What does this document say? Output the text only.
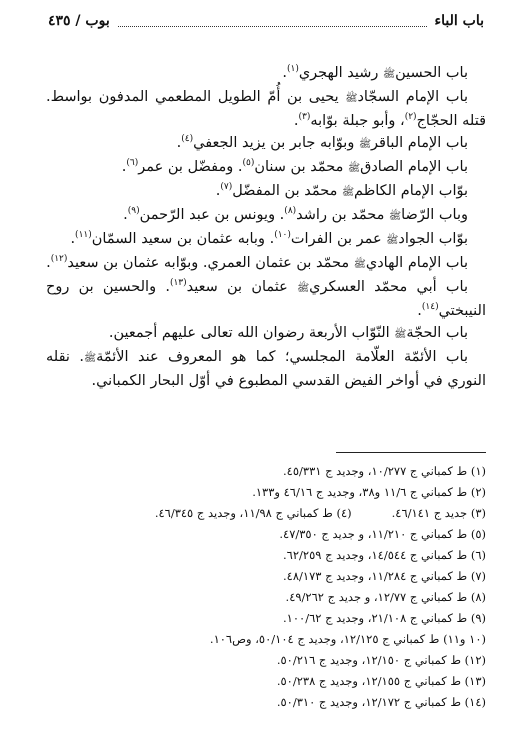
باب الباء
بوب / ٤٣٥
باب الحسينﷺ رشيد الهجري$^{(١)}$.
باب الإمام السجّادﷺ يحيى بن أُمّ الطويل المطعمي المدفون بواسط. قتله الحجّاج$^{(٢)}$، وأبو جبلة بوّابه$^{(٣)}$.
باب الإمام الباقرﷺ وبوّابه جابر بن يزيد الجعفي$^{(٤)}$.
باب الإمام الصادقﷺ محمّد بن سنان$^{(٥)}$. ومفضّل بن عمر$^{(٦)}$.
بوّاب الإمام الكاظمﷺ محمّد بن المفضّل$^{(٧)}$.
وباب الرّضاﷺ محمّد بن راشد$^{(٨)}$. ويونس بن عبد الرّحمن$^{(٩)}$.
بوّاب الجوادﷺ عمر بن الفرات$^{(١٠)}$. وبابه عثمان بن سعيد السمّان$^{(١١)}$.
باب الإمام الهاديﷺ محمّد بن عثمان العمري. وبوّابه عثمان بن سعيد$^{(١٢)}$.
باب أبي محمّد العسكريﷺ عثمان بن سعيد$^{(١٣)}$. والحسين بن روح النيبختي$^{(١٤)}$.
باب الحجّةﷺ النّوّاب الأربعة رضوان الله تعالى عليهم أجمعين.
باب الأئمّة العلّامة المجلسي؛ كما هو المعروف عند الأئمّةﷺ. نقله النوري في أواخر الفيض القدسي المطبوع في أوّل البحار الكمباني.
(١) ط كمباني ج ١٠/٢٧٧، وجديد ج ٤٥/٣٣١.
(٢) ط كمباني ج ١١/٦ و٣٨، وجديد ج ٤٦/١٦ و١٣٣.
(٣) جديد ج ٤٦/١٤١.
(٤) ط كمباني ج ١١/٩٨، وجديد ج ٤٦/٣٤٥.
(٥) ط كمباني ج ١١/٢١٠، و جديد ج ٤٧/٣٥٠.
(٦) ط كمباني ج ١٤/٥٤٤، وجديد ج ٦٢/٢٥٩.
(٧) ط كمباني ج ١١/٢٨٤، وجديد ج ٤٨/١٧٣.
(٨) ط كمباني ج ١٢/٧٧، و جديد ج ٤٩/٢٦٢.
(٩) ط كمباني ج ٢١/١٠٨، وجديد ج ١٠٠/٦٢.
(١٠ و١١) ط كمباني ج ١٢/١٢٥، وجديد ج ٥٠/١٠٤، وص١٠٦.
(١٢) ط كمباني ج ١٢/١٥٠، وجديد ج ٥٠/٢١٦.
(١٣) ط كمباني ج ١٢/١٥٥، وجديد ج ٥٠/٢٣٨.
(١٤) ط كمباني ج ١٢/١٧٢، وجديد ج ٥٠/٣١٠.
